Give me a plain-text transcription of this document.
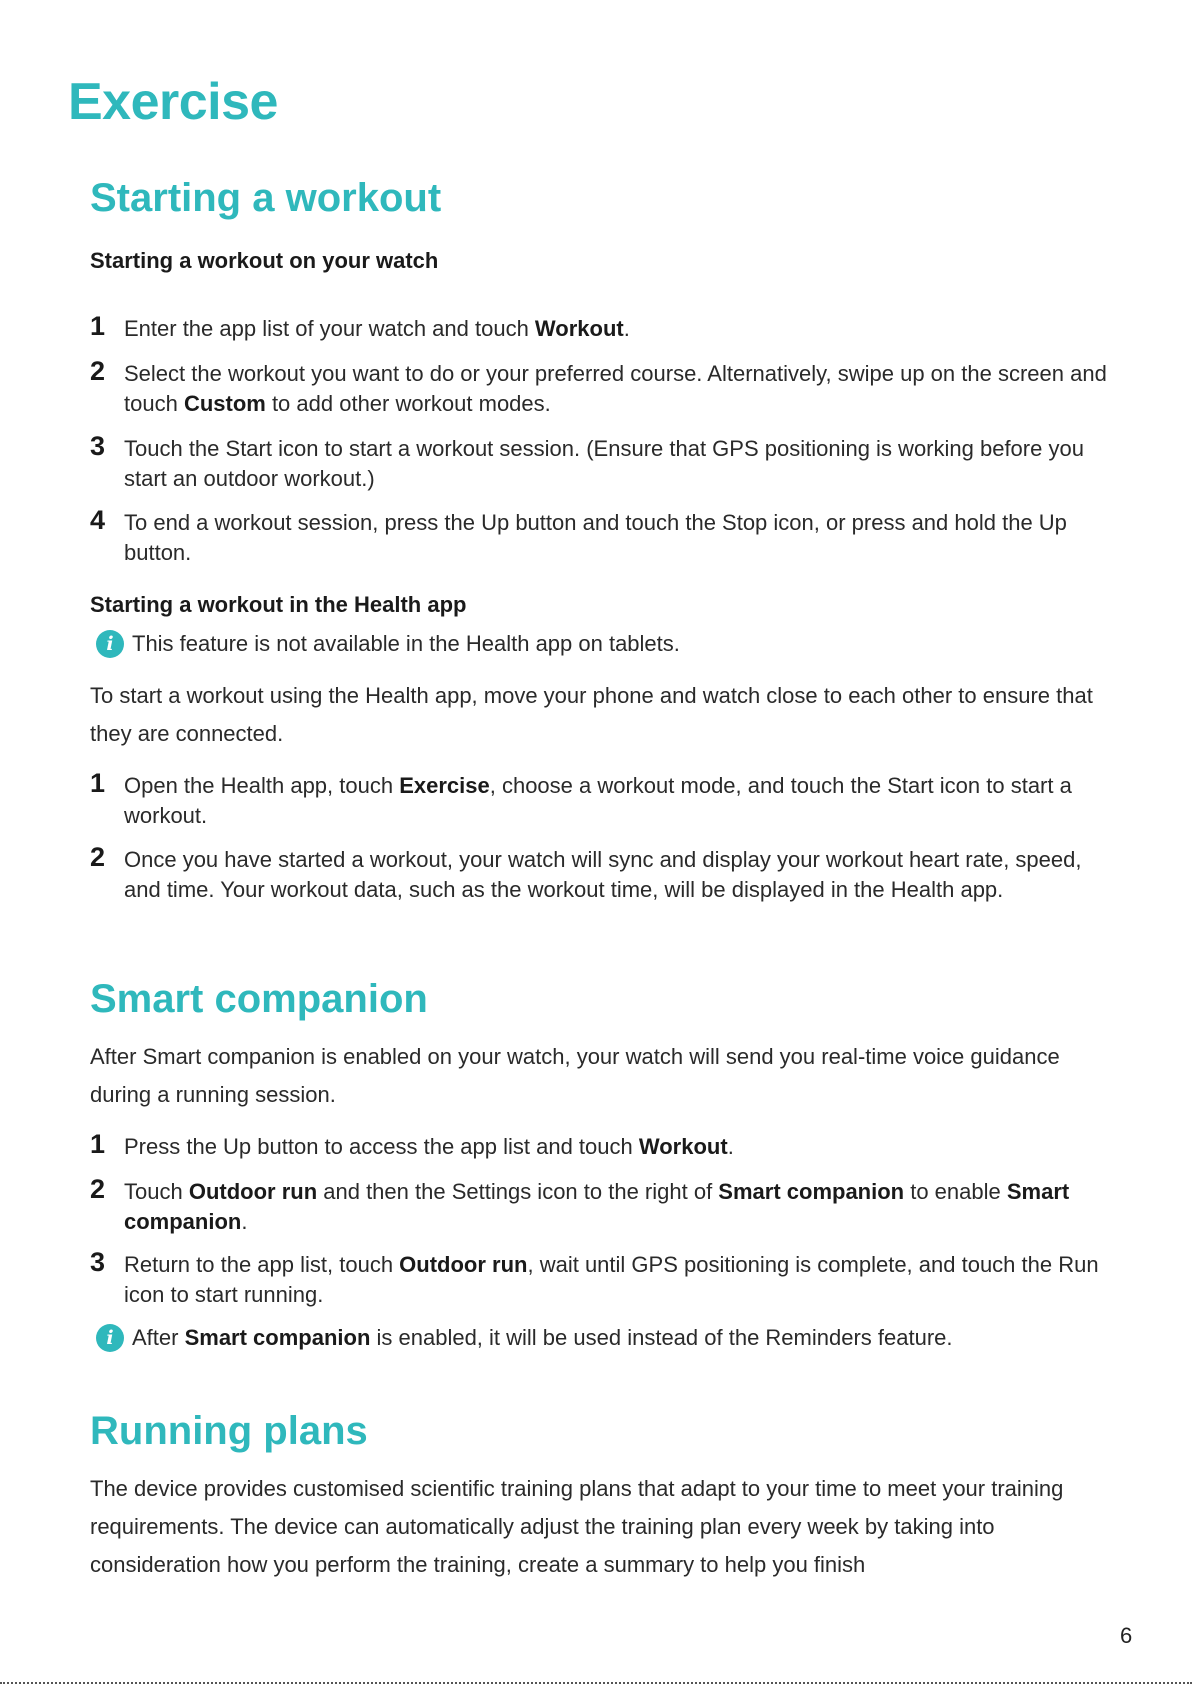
Exercise
Starting a workout
Starting a workout on your watch
1 Enter the app list of your watch and touch Workout.
2 Select the workout you want to do or your preferred course. Alternatively, swipe up on the screen and touch Custom to add other workout modes.
3 Touch the Start icon to start a workout session. (Ensure that GPS positioning is working before you start an outdoor workout.)
4 To end a workout session, press the Up button and touch the Stop icon, or press and hold the Up button.
Starting a workout in the Health app
i This feature is not available in the Health app on tablets.

To start a workout using the Health app, move your phone and watch close to each other to ensure that they are connected.

1 Open the Health app, touch Exercise, choose a workout mode, and touch the Start icon to start a workout.
2 Once you have started a workout, your watch will sync and display your workout heart rate, speed, and time. Your workout data, such as the workout time, will be displayed in the Health app.
Smart companion

After Smart companion is enabled on your watch, your watch will send you real-time voice guidance during a running session.

1 Press the Up button to access the app list and touch Workout.
2 Touch Outdoor run and then the Settings icon to the right of Smart companion to enable Smart companion.
3 Return to the app list, touch Outdoor run, wait until GPS positioning is complete, and touch the Run icon to start running.
i After Smart companion is enabled, it will be used instead of the Reminders feature.
Running plans

The device provides customised scientific training plans that adapt to your time to meet your training requirements. The device can automatically adjust the training plan every week by taking into consideration how you perform the training, create a summary to help you finish

6
